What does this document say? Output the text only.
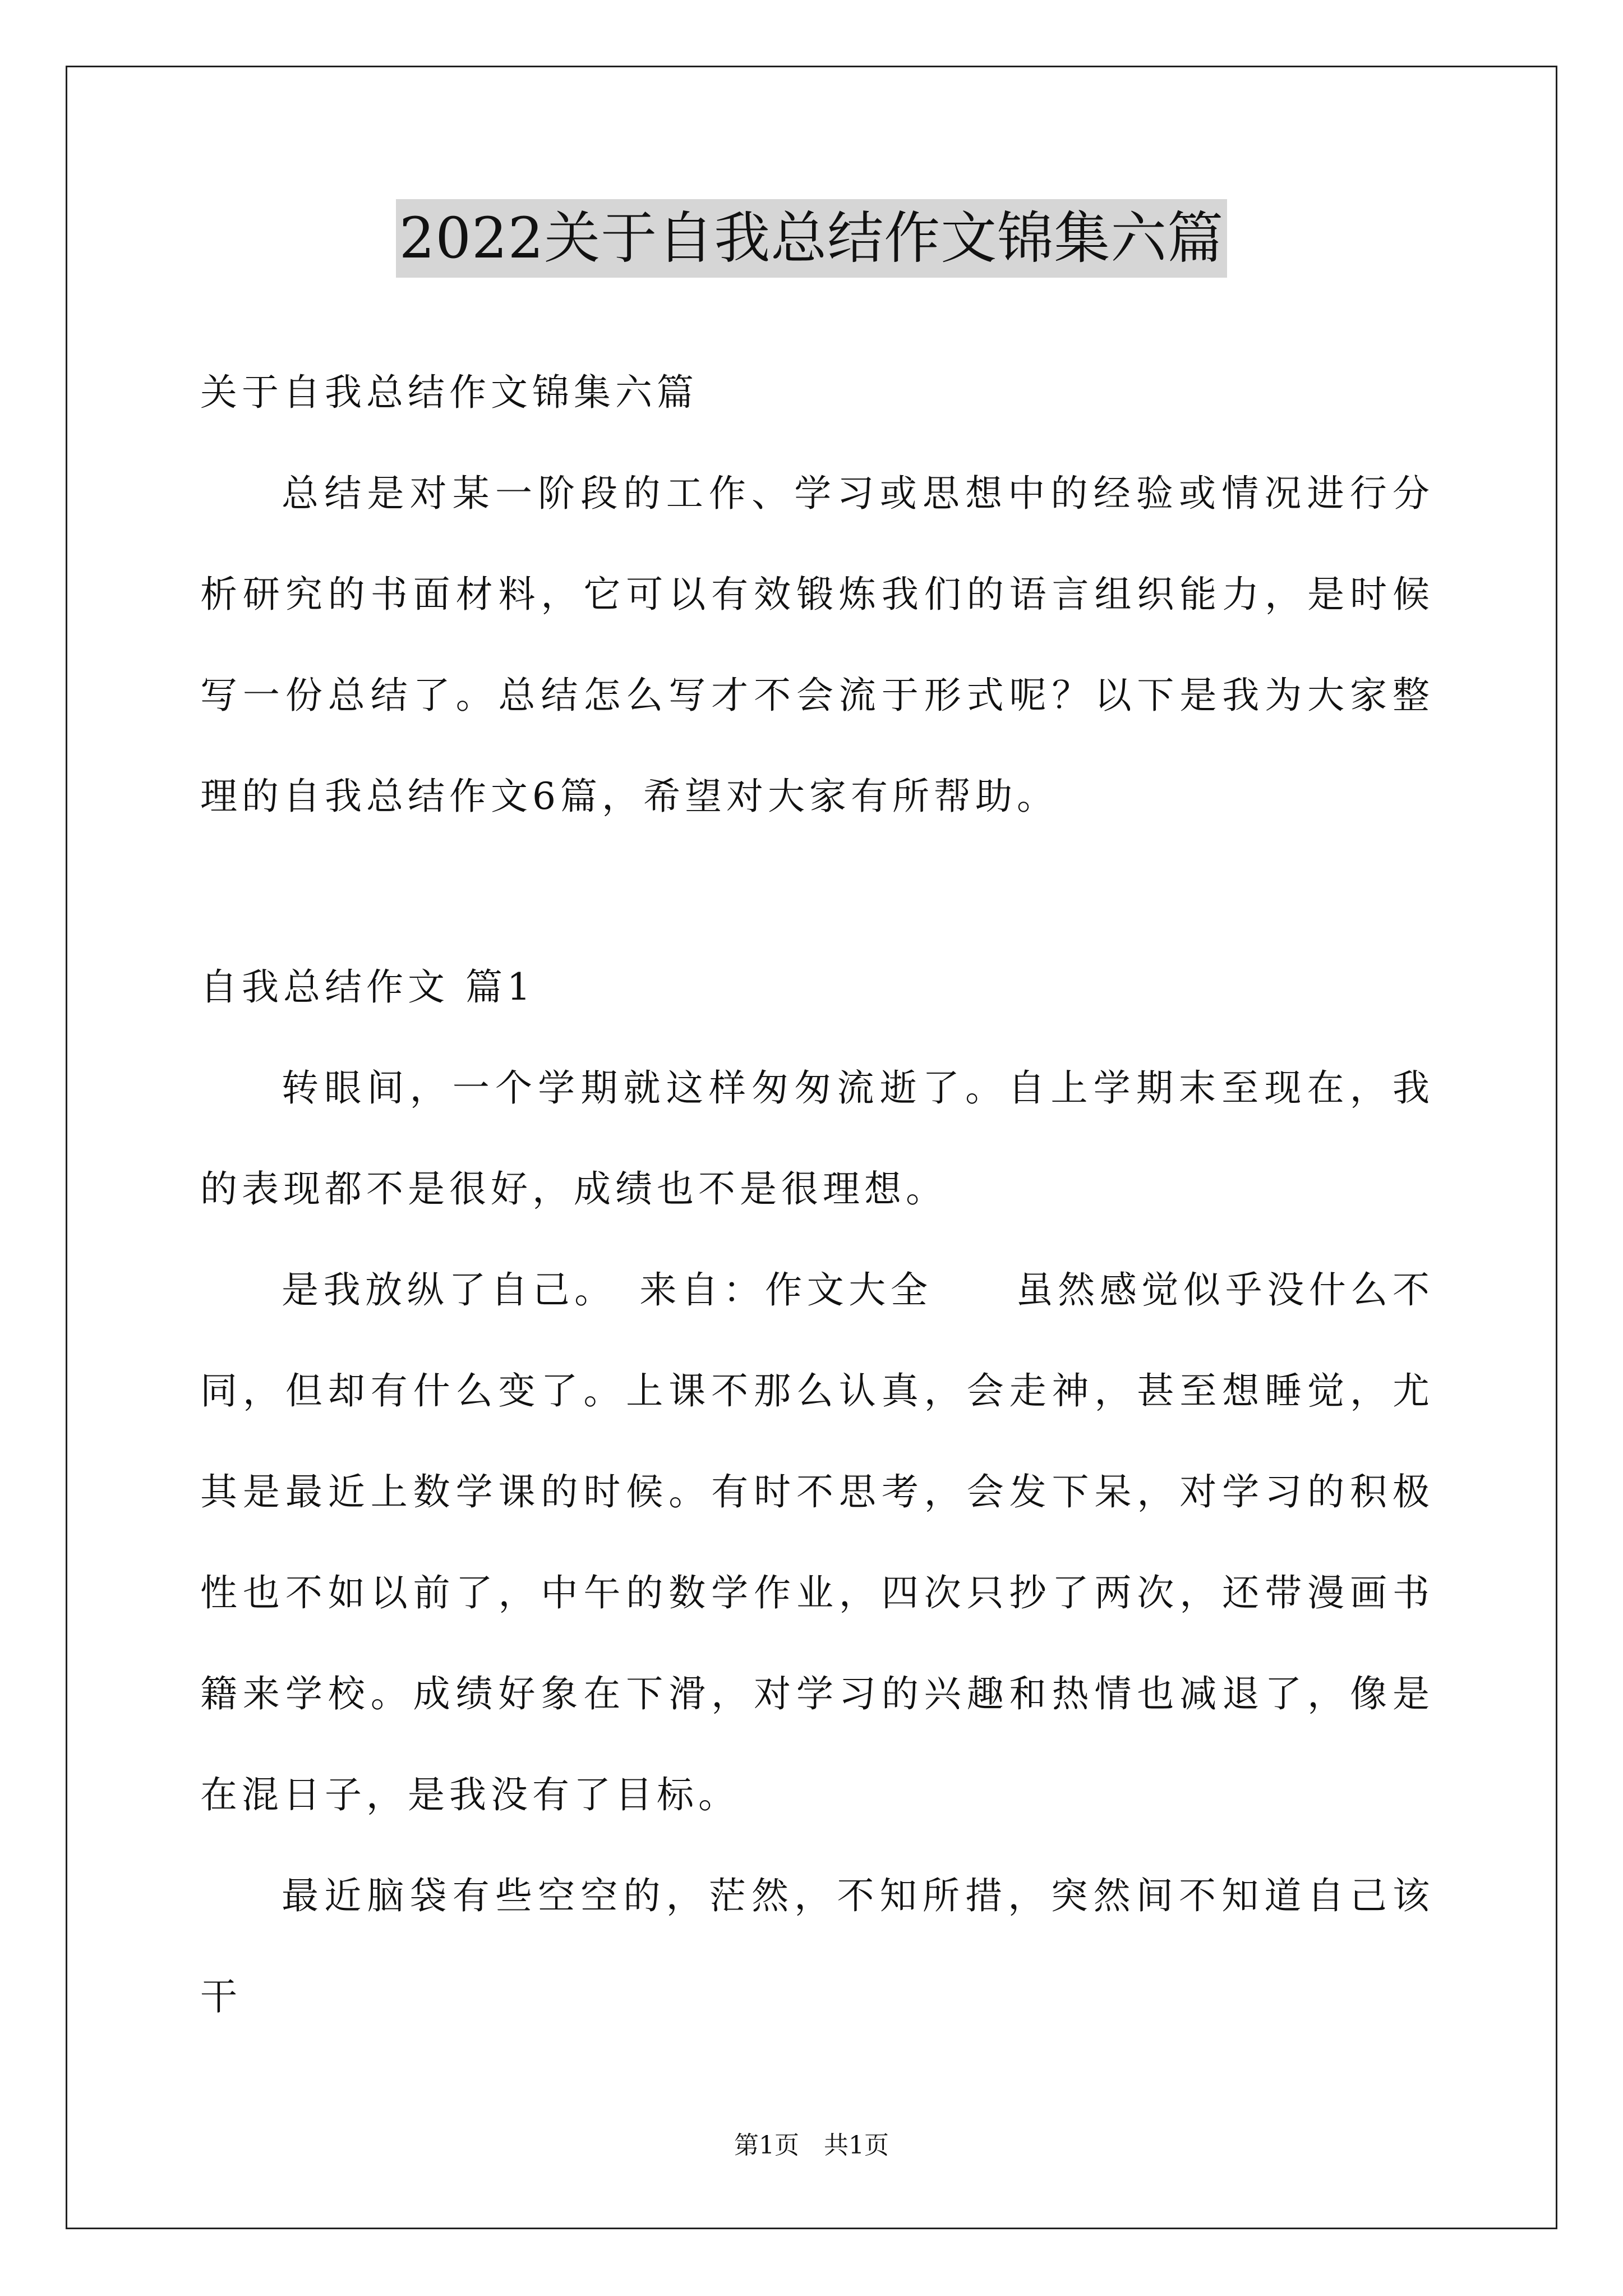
2022关于自我总结作文锦集六篇

关于自我总结作文锦集六篇

总结是对某一阶段的工作、学习或思想中的经验或情况进行分析研究的书面材料，它可以有效锻炼我们的语言组织能力，是时候写一份总结了。总结怎么写才不会流于形式呢？以下是我为大家整理的自我总结作文6篇，希望对大家有所帮助。

自我总结作文 篇1

转眼间，一个学期就这样匆匆流逝了。自上学期末至现在，我的表现都不是很好，成绩也不是很理想。

是我放纵了自己。　来自：作文大全　　虽然感觉似乎没什么不同，但却有什么变了。上课不那么认真，会走神，甚至想睡觉，尤其是最近上数学课的时候。有时不思考，会发下呆，对学习的积极性也不如以前了，中午的数学作业，四次只抄了两次，还带漫画书籍来学校。成绩好象在下滑，对学习的兴趣和热情也减退了，像是在混日子，是我没有了目标。

最近脑袋有些空空的，茫然，不知所措，突然间不知道自己该干

第1页　共1页
